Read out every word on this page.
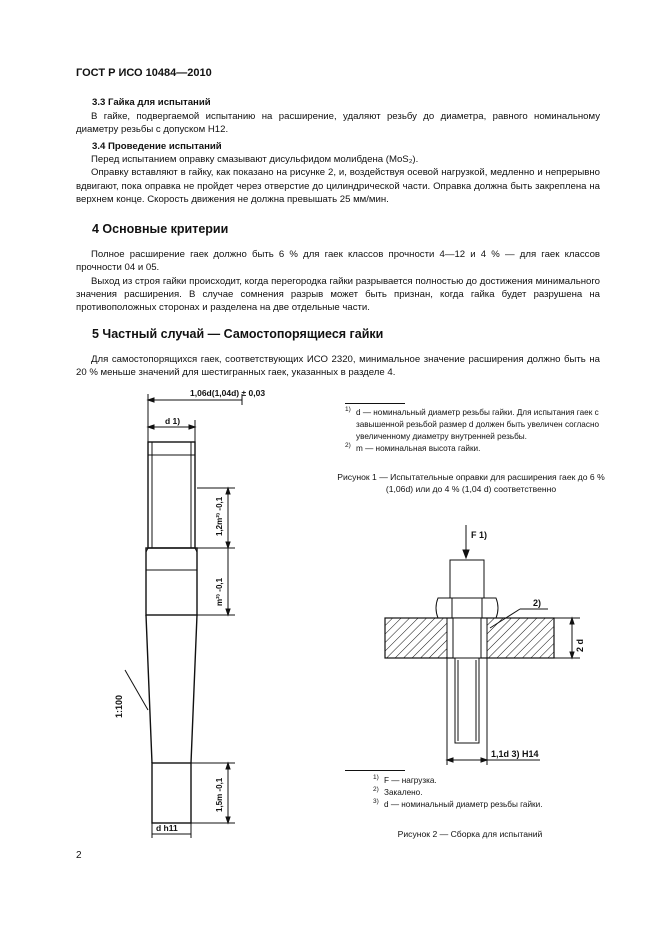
ГОСТ Р ИСО 10484—2010
3.3 Гайка для испытаний

В гайке, подвергаемой испытанию на расширение, удаляют резьбу до диаметра, равного номинальному диаметру резьбы с допуском H12.

3.4 Проведение испытаний

Перед испытанием оправку смазывают дисульфидом молибдена (MoS₂).

Оправку вставляют в гайку, как показано на рисунке 2, и, воздействуя осевой нагрузкой, медленно и непрерывно вдвигают, пока оправка не пройдет через отверстие до цилиндрической части. Оправка должна быть закреплена на верхнем конце. Скорость движения не должна превышать 25 мм/мин.

4 Основные критерии

Полное расширение гаек должно быть 6 % для гаек классов прочности 4—12 и 4 % — для гаек классов прочности 04 и 05.

Выход из строя гайки происходит, когда перегородка гайки разрывается полностью до достижения минимального значения расширения. В случае сомнения разрыв может быть признан, когда гайка будет разрушена на противоположных сторонах и разделена на две отдельные части.

5 Частный случай — Самостопорящиеся гайки

Для самостопорящихся гаек, соответствующих ИСО 2320, минимальное значение расширения должно быть на 20 % меньше значений для шестигранных гаек, указанных в разделе 4.

1,06d(1,04d) ± 0,03
d 1)
1,2m²⁾ -0,1
m²⁾ -0,1
1:100
1,5m -0,1
d h11
1) d — номинальный диаметр резьбы гайки. Для испытания гаек с завышенной резьбой размер d должен быть увеличен согласно увеличенному диаметру внутренней резьбы.
2) m — номинальная высота гайки.
Рисунок 1 — Испытательные оправки для расширения гаек до 6 % (1,06d) или до 4 % (1,04 d) соответственно
F 1)
2)
2 d
1,1d 3) H14
1) F — нагрузка.
2) Закалено.
3) d — номинальный диаметр резьбы гайки.
Рисунок 2 — Сборка для испытаний
2
